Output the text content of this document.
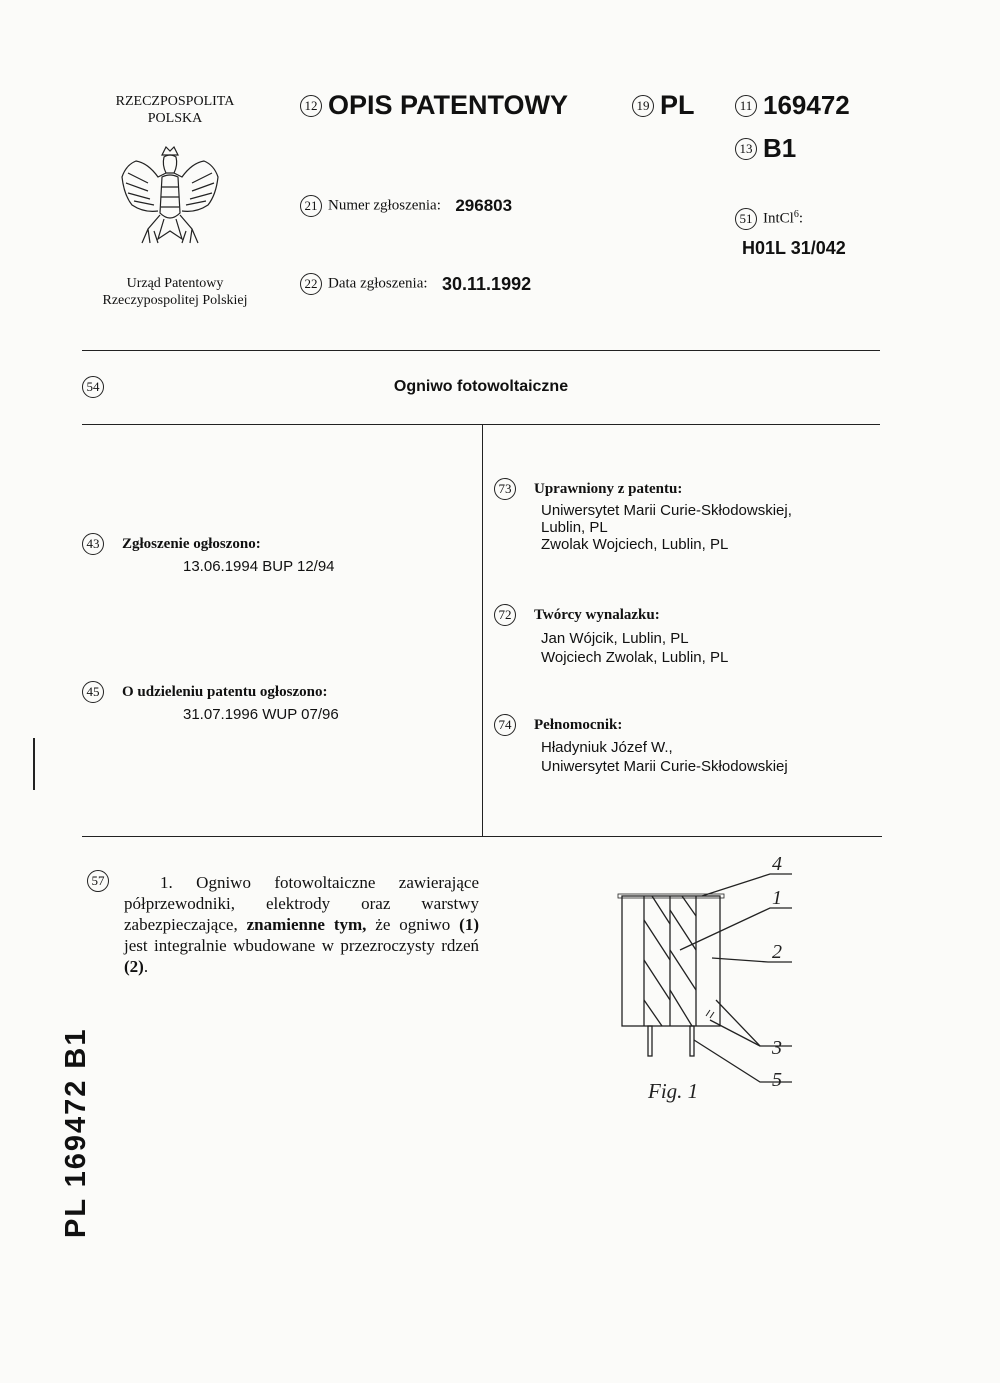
RZECZPOSPOLITA
POLSKA
Urząd Patentowy
Rzeczypospolitej Polskiej
12 OPIS PATENTOWY	19 PL	11 169472
13 B1
21 Numer zgłoszenia: 296803
22 Data zgłoszenia: 30.11.1992
51 IntCl$^6$:
H01L 31/042
54	Ogniwo fotowoltaiczne
43 Zgłoszenie ogłoszono:
13.06.1994 BUP 12/94
45 O udzieleniu patentu ogłoszono:
31.07.1996 WUP 07/96
73 Uprawniony z patentu:
Uniwersytet Marii Curie-Skłodowskiej,
Lublin, PL
Zwolak Wojciech, Lublin, PL
72 Twórcy wynalazku:
Jan Wójcik, Lublin, PL
Wojciech Zwolak, Lublin, PL
74 Pełnomocnik:
Hładyniuk Józef W.,
Uniwersytet Marii Curie-Skłodowskiej
57	1. Ogniwo fotowoltaiczne zawierające półprzewodniki, elektrody oraz warstwy zabezpieczające, znamienne tym, że ogniwo (1) jest integralnie wbudowane w przezroczysty rdzeń (2).
4
1
2
3
5
Fig. 1
PL 169472 B1
